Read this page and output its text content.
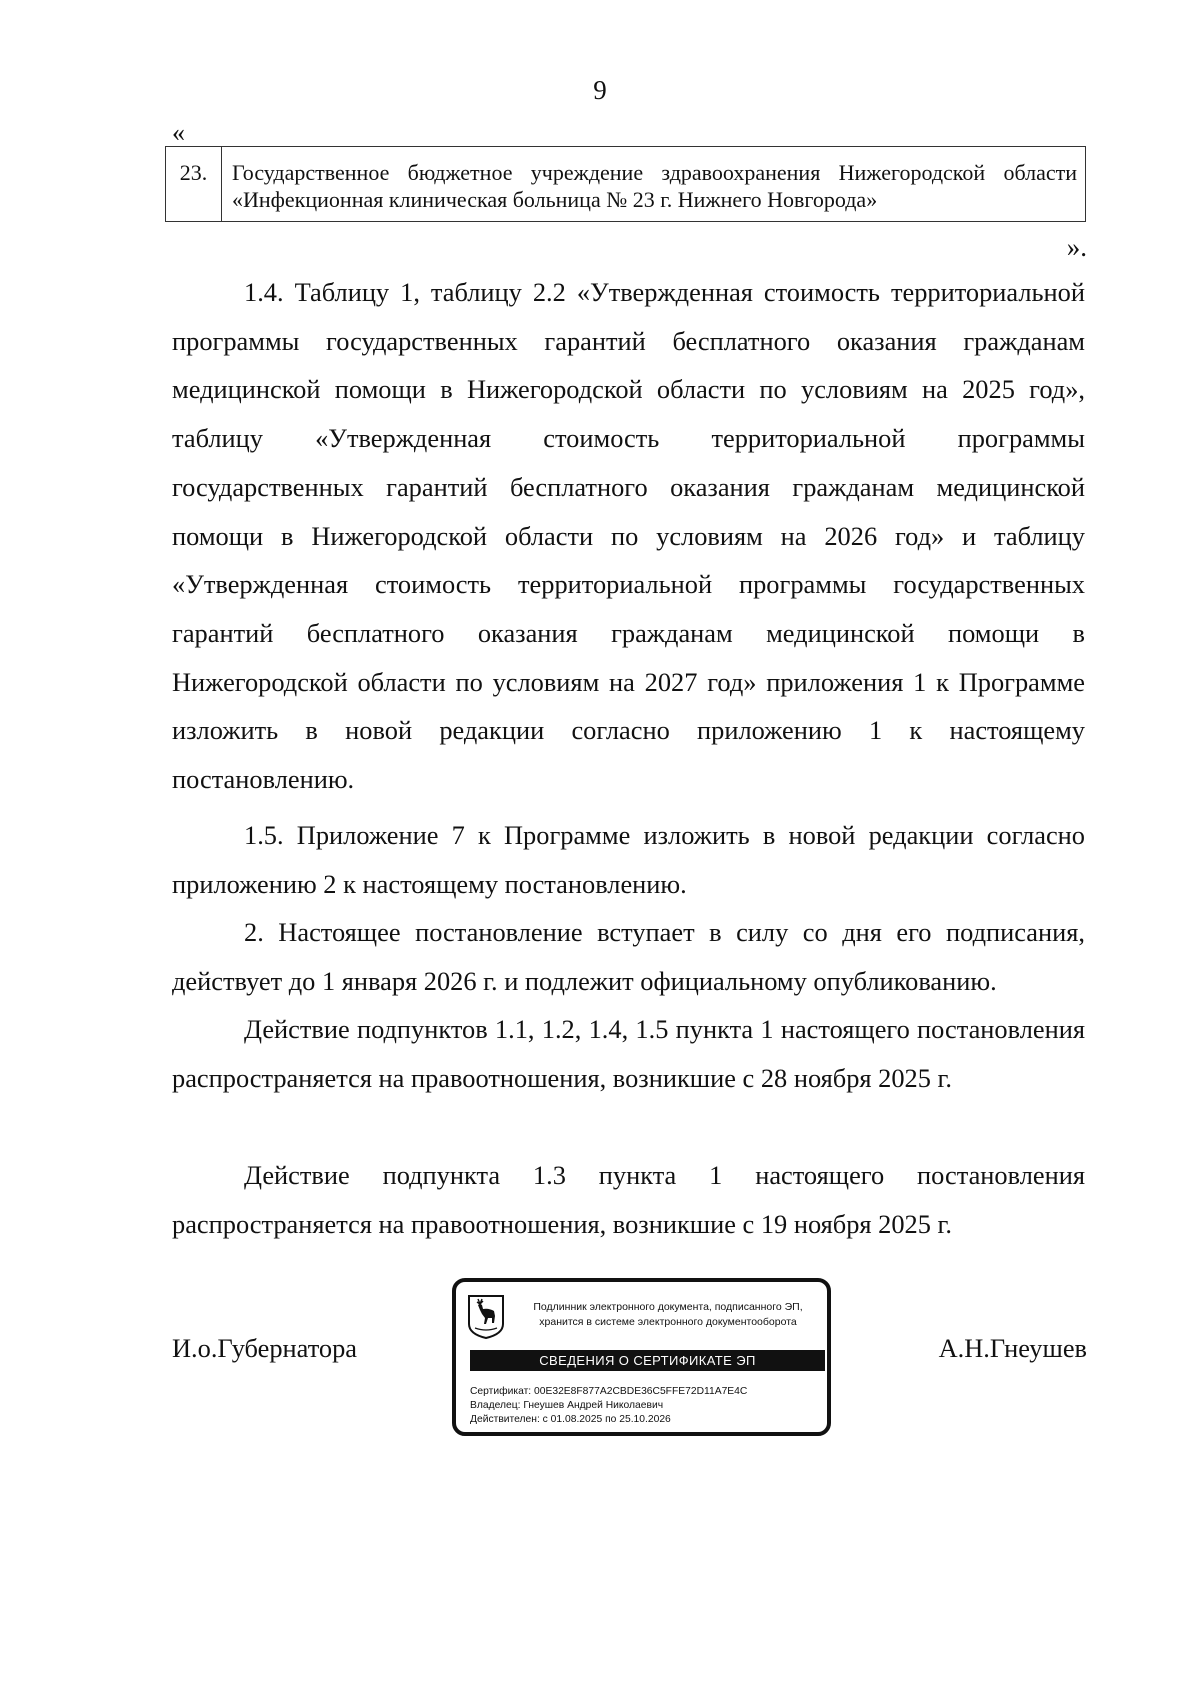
9
«
23.	Государственное бюджетное учреждение здравоохранения Нижегородской области «Инфекционная клиническая больница № 23 г. Нижнего Новгорода»
».

1.4. Таблицу 1, таблицу 2.2 «Утвержденная стоимость территориальной программы государственных гарантий бесплатного оказания гражданам медицинской помощи в Нижегородской области по условиям на 2025 год», таблицу «Утвержденная стоимость территориальной программы государственных гарантий бесплатного оказания гражданам медицинской помощи в Нижегородской области по условиям на 2026 год» и таблицу «Утвержденная стоимость территориальной программы государственных гарантий бесплатного оказания гражданам медицинской помощи в Нижегородской области по условиям на 2027 год» приложения 1 к Программе изложить в новой редакции согласно приложению 1 к настоящему постановлению.

1.5. Приложение 7 к Программе изложить в новой редакции согласно приложению 2 к настоящему постановлению.

2. Настоящее постановление вступает в силу со дня его подписания, действует до 1 января 2026 г. и подлежит официальному опубликованию.

Действие подпунктов 1.1, 1.2, 1.4, 1.5 пункта 1 настоящего постановления распространяется на правоотношения, возникшие с 28 ноября 2025 г.

Действие подпункта 1.3 пункта 1 настоящего постановления распространяется на правоотношения, возникшие с 19 ноября 2025 г.

И.о.Губернатора
Подлинник электронного документа, подписанного ЭП,
хранится в системе электронного документооборота
СВЕДЕНИЯ О СЕРТИФИКАТЕ ЭП
Сертификат: 00E32E8F877A2CBDE36C5FFE72D11A7E4C
Владелец: Гнеушев Андрей Николаевич
Действителен: с 01.08.2025 по 25.10.2026
А.Н.Гнеушев
